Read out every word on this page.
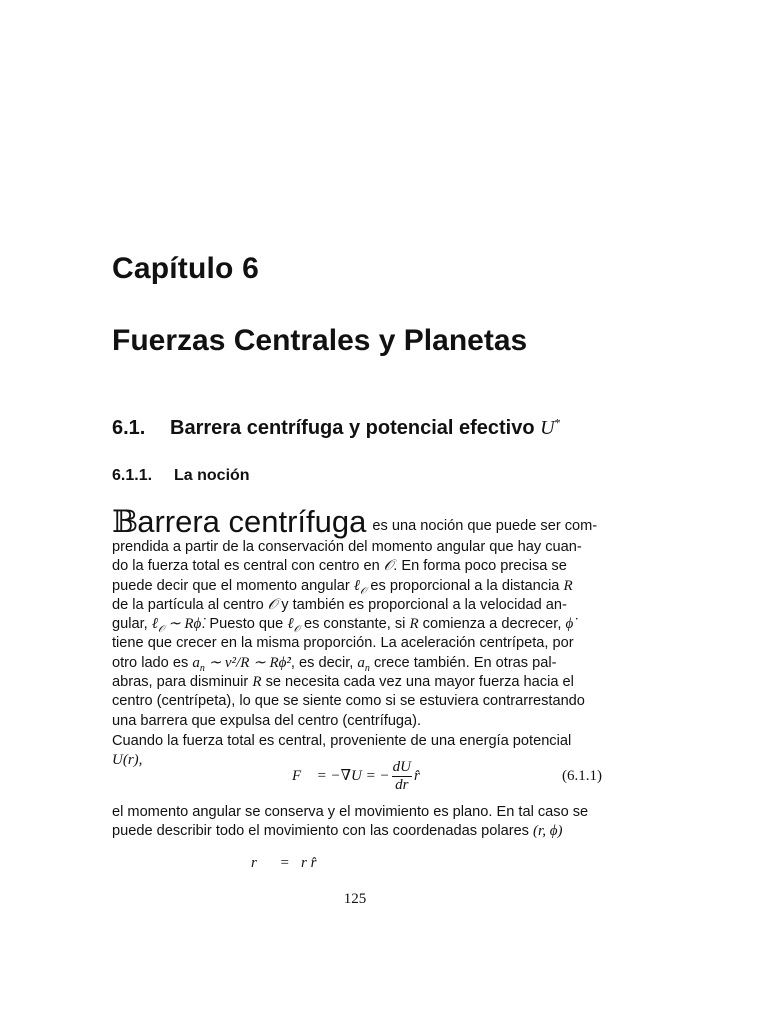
Capítulo 6
Fuerzas Centrales y Planetas
6.1. Barrera centrífuga y potencial efectivo U*
6.1.1. La noción
𝔹arrera centrífuga es una noción que puede ser com-
prendida a partir de la conservación del momento angular que hay cuan-
do la fuerza total es central con centro en 𝒪. En forma poco precisa se
puede decir que el momento angular ℓ$_𝒪$ es proporcional a la distancia R
de la partícula al centro 𝒪 y también es proporcional a la velocidad an-
gular, ℓ$_𝒪$ ∼ Rϕ̇. Puesto que ℓ$_𝒪$ es constante, si R comienza a decrecer, ϕ̇
tiene que crecer en la misma proporción. La aceleración centrípeta, por
otro lado es $a_n$ ∼ v²/R ∼ Rϕ̇², es decir, $a_n$ crece también. En otras pal-
abras, para disminuir R se necesita cada vez una mayor fuerza hacia el
centro (centrípeta), lo que se siente como si se estuviera contrarrestando
una barrera que expulsa del centro (centrífuga).

Cuando la fuerza total es central, proveniente de una energía potencial U(r),

F⃗ = −∇U = − $\frac{dU}{dr}$ r̂	(6.1.1)
el momento angular se conserva y el movimiento es plano. En tal caso se
puede describir todo el movimiento con las coordenadas polares (r, ϕ)
r⃗ = r r̂
125
